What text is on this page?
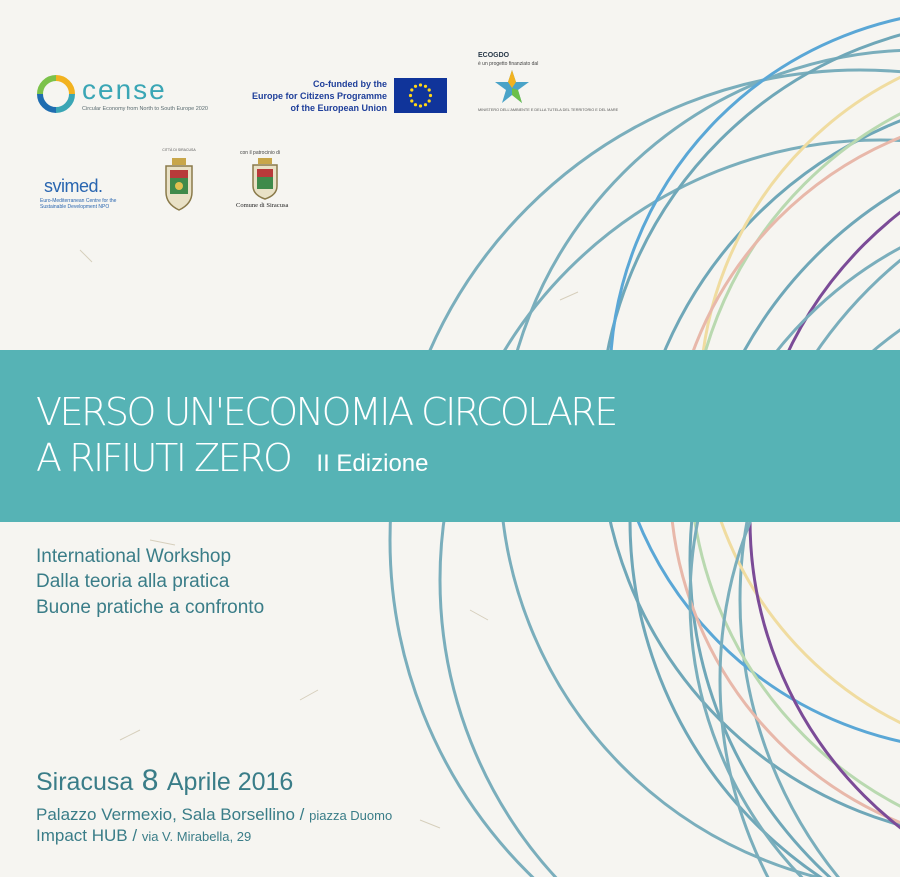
cense
Circular Economy from North to South Europe 2020
Co-funded by the
Europe for Citizens Programme
of the European Union
ECOGDO
è un progetto finanziato dal
MINISTERO DELL'AMBIENTE E DELLA TUTELA DEL TERRITORIO E DEL MARE
svimed.
Euro-Mediterranean Centre for the Sustainable Development NPO
CITTÀ DI SIRACUSA	con il patrocinio di
Comune di Siracusa
VERSO UN'ECONOMIA CIRCOLARE
A RIFIUTI ZERO II Edizione
International Workshop
Dalla teoria alla pratica
Buone pratiche a confronto
Siracusa 8 Aprile 2016
Palazzo Vermexio, Sala Borsellino / piazza Duomo
Impact HUB / via V. Mirabella, 29
